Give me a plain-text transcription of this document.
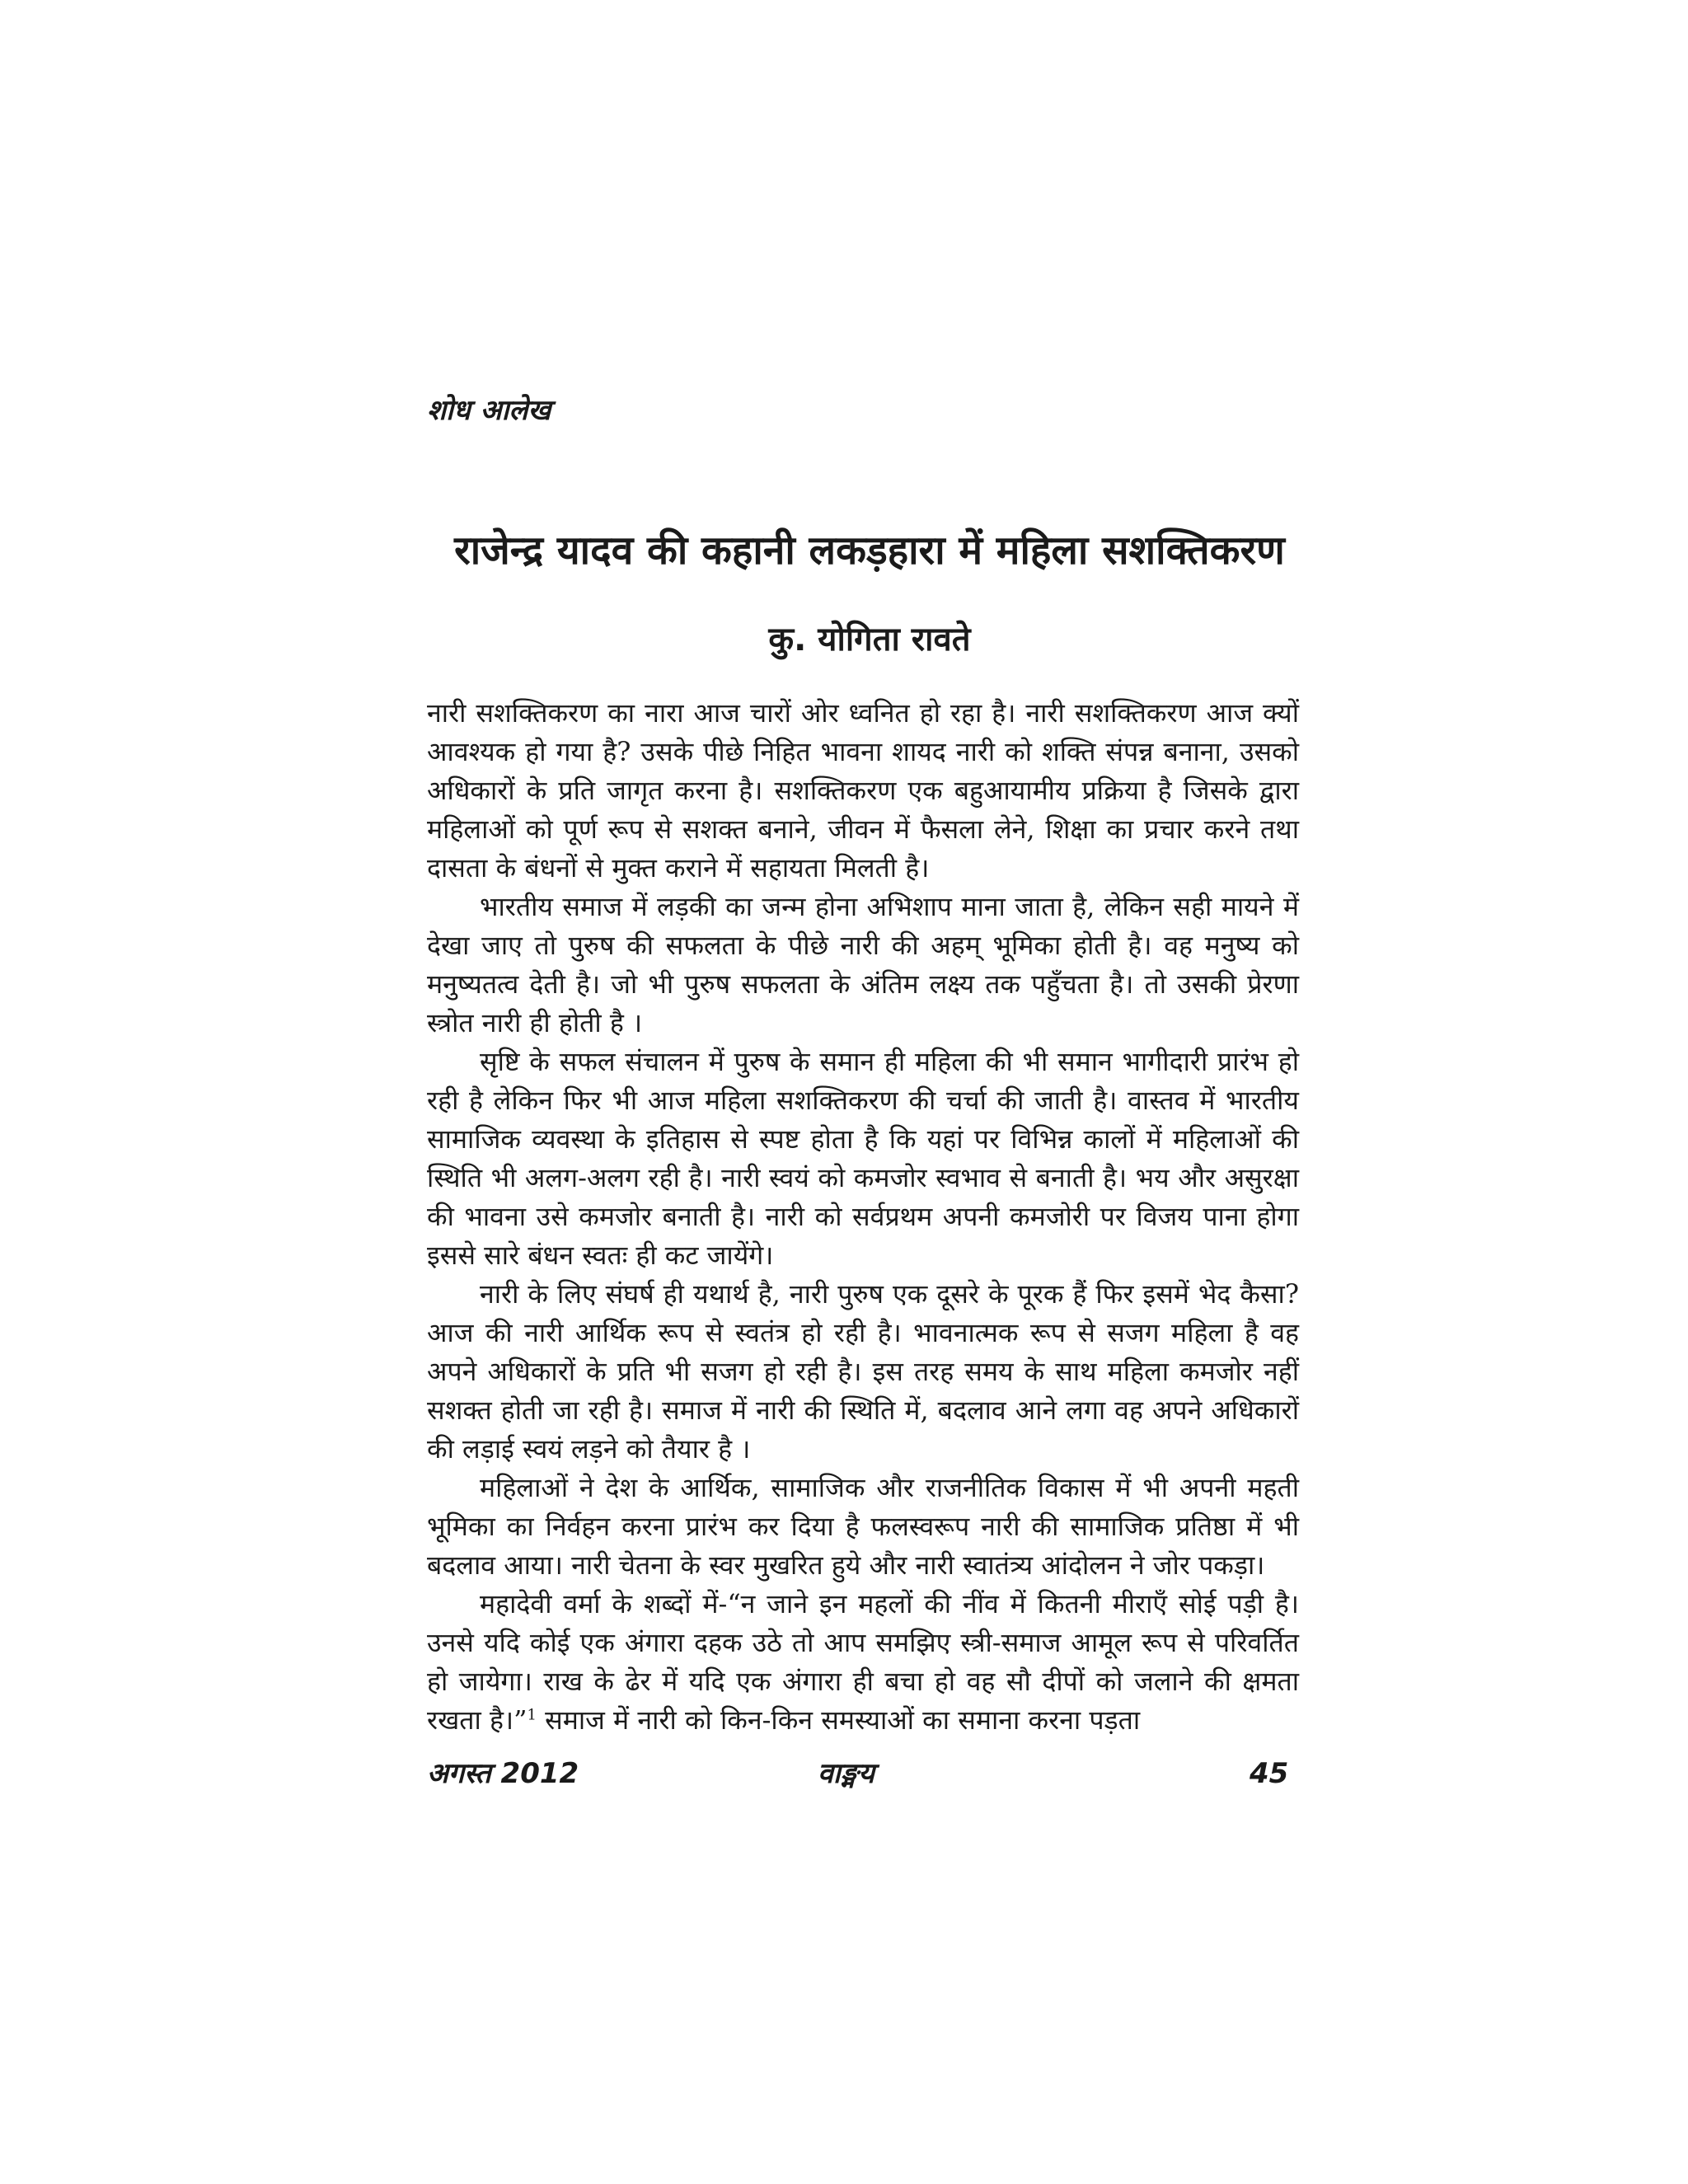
शोध आलेख
राजेन्द्र यादव की कहानी लकड़हारा में महिला सशक्तिकरण
कु. योगिता रावते

नारी सशक्तिकरण का नारा आज चारों ओर ध्वनित हो रहा है। नारी सशक्तिकरण आज क्यों आवश्यक हो गया है? उसके पीछे निहित भावना शायद नारी को शक्ति संपन्न बनाना, उसको अधिकारों के प्रति जागृत करना है। सशक्तिकरण एक बहुआयामीय प्रक्रिया है जिसके द्वारा महिलाओं को पूर्ण रूप से सशक्त बनाने, जीवन में फैसला लेने, शिक्षा का प्रचार करने तथा दासता के बंधनों से मुक्त कराने में सहायता मिलती है।

भारतीय समाज में लड़की का जन्म होना अभिशाप माना जाता है, लेकिन सही मायने में देखा जाए तो पुरुष की सफलता के पीछे नारी की अहम्‌ भूमिका होती है। वह मनुष्य को मनुष्यतत्व देती है। जो भी पुरुष सफलता के अंतिम लक्ष्य तक पहुँचता है। तो उसकी प्रेरणा स्त्रोत नारी ही होती है ।

सृष्टि के सफल संचालन में पुरुष के समान ही महिला की भी समान भागीदारी प्रारंभ हो रही है लेकिन फिर भी आज महिला सशक्तिकरण की चर्चा की जाती है। वास्तव में भारतीय सामाजिक व्यवस्था के इतिहास से स्पष्ट होता है कि यहां पर विभिन्न कालों में महिलाओं की स्थिति भी अलग-अलग रही है। नारी स्वयं को कमजोर स्वभाव से बनाती है। भय और असुरक्षा की भावना उसे कमजोर बनाती है। नारी को सर्वप्रथम अपनी कमजोरी पर विजय पाना होगा इससे सारे बंधन स्वतः ही कट जायेंगे।

नारी के लिए संघर्ष ही यथार्थ है, नारी पुरुष एक दूसरे के पूरक हैं फिर इसमें भेद कैसा? आज की नारी आर्थिक रूप से स्वतंत्र हो रही है। भावनात्मक रूप से सजग महिला है वह अपने अधिकारों के प्रति भी सजग हो रही है। इस तरह समय के साथ महिला कमजोर नहीं सशक्त होती जा रही है। समाज में नारी की स्थिति में, बदलाव आने लगा वह अपने अधिकारों की लड़ाई स्वयं लड़ने को तैयार है ।

महिलाओं ने देश के आर्थिक, सामाजिक और राजनीतिक विकास में भी अपनी महती भूमिका का निर्वहन करना प्रारंभ कर दिया है फलस्वरूप नारी की सामाजिक प्रतिष्ठा में भी बदलाव आया। नारी चेतना के स्वर मुखरित हुये और नारी स्वातंत्र्य आंदोलन ने जोर पकड़ा।

महादेवी वर्मा के शब्दों में-“न जाने इन महलों की नींव में कितनी मीराएँ सोई पड़ी है। उनसे यदि कोई एक अंगारा दहक उठे तो आप समझिए स्त्री-समाज आमूल रूप से परिवर्तित हो जायेगा। राख के ढेर में यदि एक अंगारा ही बचा हो वह सौ दीपों को जलाने की क्षमता रखता है।”$^1$ समाज में नारी को किन-किन समस्याओं का समाना करना पड़ता

अगस्त 2012	वाङ्मय	45
